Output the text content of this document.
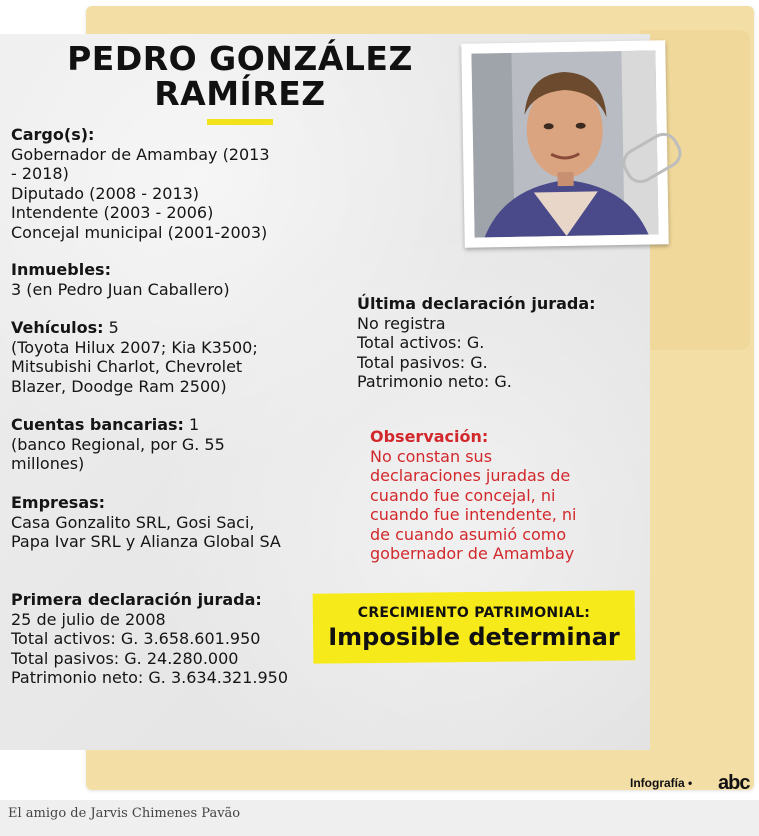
PEDRO GONZÁLEZ
RAMÍREZ
Cargo(s):
Gobernador de Amambay (2013
- 2018)
Diputado (2008 - 2013)
Intendente (2003 - 2006)
Concejal municipal (2001-2003)
Inmuebles:
3 (en Pedro Juan Caballero)
Vehículos: 5
(Toyota Hilux 2007; Kia K3500;
Mitsubishi Charlot, Chevrolet
Blazer, Doodge Ram 2500)
Cuentas bancarias: 1
(banco Regional, por G. 55
millones)
Empresas:
Casa Gonzalito SRL, Gosi Saci,
Papa Ivar SRL y Alianza Global SA
Primera declaración jurada:
25 de julio de 2008
Total activos: G. 3.658.601.950
Total pasivos: G. 24.280.000
Patrimonio neto: G. 3.634.321.950
Última declaración jurada:
No registra
Total activos: G.
Total pasivos: G.
Patrimonio neto: G.
Observación:
No constan sus
declaraciones juradas de
cuando fue concejal, ni
cuando fue intendente, ni
de cuando asumió como
gobernador de Amambay
CRECIMIENTO PATRIMONIAL:
Imposible determinar
Infografía • abc
El amigo de Jarvis Chimenes Pavão
